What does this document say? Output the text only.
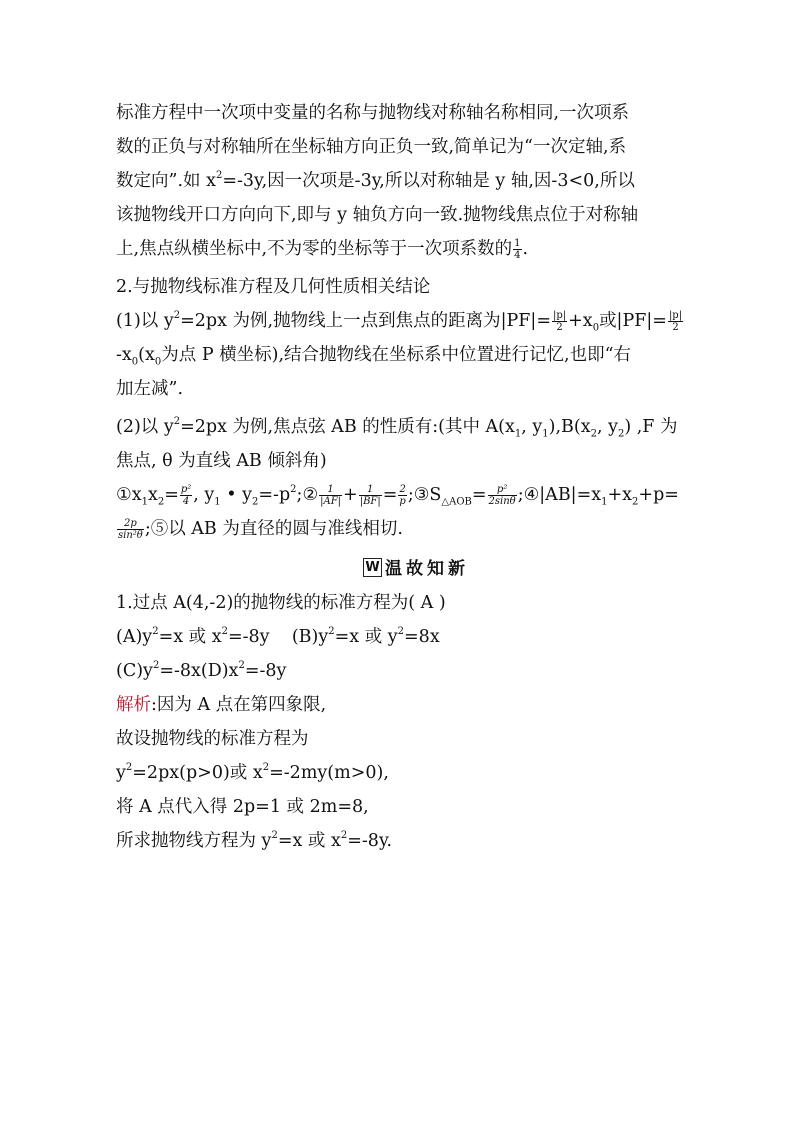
标准方程中一次项中变量的名称与抛物线对称轴名称相同,一次项系
数的正负与对称轴所在坐标轴方向正负一致,简单记为“一次定轴,系
数定向”.如 $x^2=-3y$,因一次项是-3y,所以对称轴是 y 轴,因-3<0,所以
该抛物线开口方向向下,即与 y 轴负方向一致.抛物线焦点位于对称轴
上,焦点纵横坐标中,不为零的坐标等于一次项系数的 $\frac{1}{4}$ .
2.与抛物线标准方程及几何性质相关结论
(1)以 $y^2=2px$ 为例,抛物线上一点到焦点的距离为$|PF|= \frac{|p|}{2} +x_0$或$|PF|= \frac{|p|}{2}$
$-x_0(x_0$为点 P 横坐标),结合抛物线在坐标系中位置进行记忆,也即“右
加左减”.
(2)以 $y^2=2px$ 为例,焦点弦 AB 的性质有:(其中 $A(x_1$, $y_1),B(x_2$, $y_2$) ,F 为
焦点, θ 为直线 AB 倾斜角)
$①x_1x_2= \frac{\text{p²}}{4}$ , $y_1$ • $y_2=-p^2;② \frac{1}{|AF|} + \frac{1}{|BF|} = \frac{2}{p}$ $;③S_{\triangle AOB}= \frac{\text{p²}}{2\sin\theta}$ $;④|AB|=x_1+x_2+p=$
$\frac{2p}{\text{sin²θ}}$ ;⑤以 AB 为直径的圆与准线相切.
W 温故知新
1.过点 A(4,-2)的抛物线的标准方程为( A )
$(A)y^2=x$ 或 $x^2=-8y$    $(B)y^2=x$ 或 $y^2=8x$
$(C)y^2=-8x(D)x^2=-8y$
解析:因为 A 点在第四象限,
故设抛物线的标准方程为
$y^2=2px(p>0)$或 $x^2=-2my(m>0)$,
将 A 点代入得 2p=1 或 2m=8,
所求抛物线方程为 $y^2=x$ 或 $x^2=-8y$.
